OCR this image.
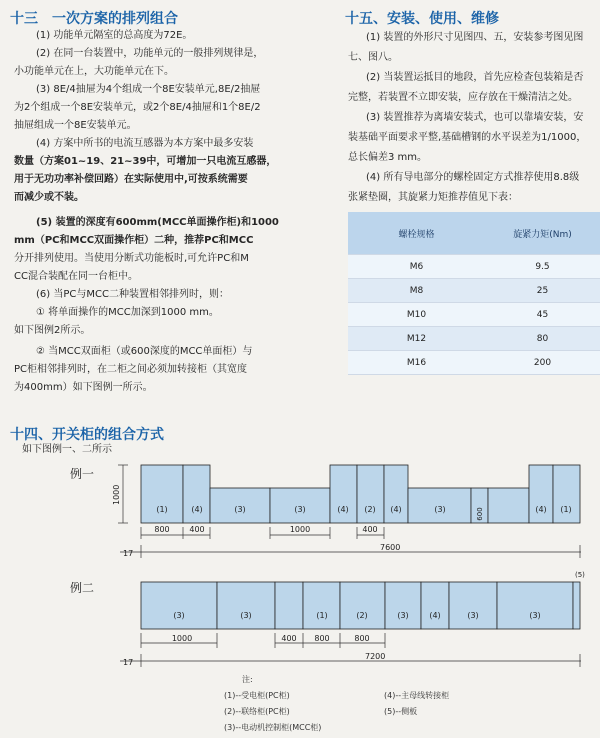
十三　一次方案的排列组合
(1) 功能单元隔室的总高度为72E。
(2) 在同一台装置中，功能单元的一般排列规律是，
小功能单元在上，大功能单元在下。
(3) 8E/4抽屉为4个组成一个8E安装单元,8E/2抽屉
为2个组成一个8E安装单元，或2个8E/4抽屉和1个8E/2
抽屉组成一个8E安装单元。
(4) 方案中所书的电流互感器为本方案中最多安装
数量（方案01~19、21~39中，可增加一只电流互感器，
用于无功功率补偿回路）在实际使用中,可按系统需要
而减少或不装。
(5) 装置的深度有600mm(MCC单面操作柜)和1000
mm（PC和MCC双面操作柜）二种，推荐PC和MCC
分开排列使用。当使用分断式功能板时,可允许PC和M
CC混合装配在同一台柜中。
(6) 当PC与MCC二种装置相邻排列时，则：
① 将单面操作的MCC加深到1000 mm。
如下图例2所示。
② 当MCC双面柜（或600深度的MCC单面柜）与
PC柜相邻排列时，在二柜之间必须加转接柜（其宽度
为400mm）如下图例一所示。
十五、安装、使用、维修
(1) 装置的外形尺寸见图四、五，安装参考图见图
七、图八。
(2) 当装置运抵目的地段，首先应检查包装箱是否
完整，若装置不立即安装，应存放在干燥清洁之处。
(3) 装置推荐为离墙安装式，也可以靠墙安装，安
装基础平面要求平整,基础槽钢的水平误差为1/1000，
总长偏差3 mm。
(4) 所有导电部分的螺栓固定方式推荐使用8.8级
张紧垫圈，其旋紧力矩推荐值见下表：
螺栓规格	旋紧力矩(Nm)
M6	9.5
M8	25
M10	45
M12	80
M16	200
十四、开关柜的组合方式
如下图例一、二所示
例一
1000
(1)	(4)	(3)	(3)	(4) (2) (4)	(3)	600	(4) (1)
800 400	1000	400
17
7600
例二
(5)
(3)	(3)	(1)	(2)	(3)	(4)	(3)	(3)
1000	400 800	800
17
7200
注:
(1)--受电柜(PC柜)
(2)--联络柜(PC柜)
(3)--电动机控制柜(MCC柜)
(4)--主母线转接柜
(5)--侧板
